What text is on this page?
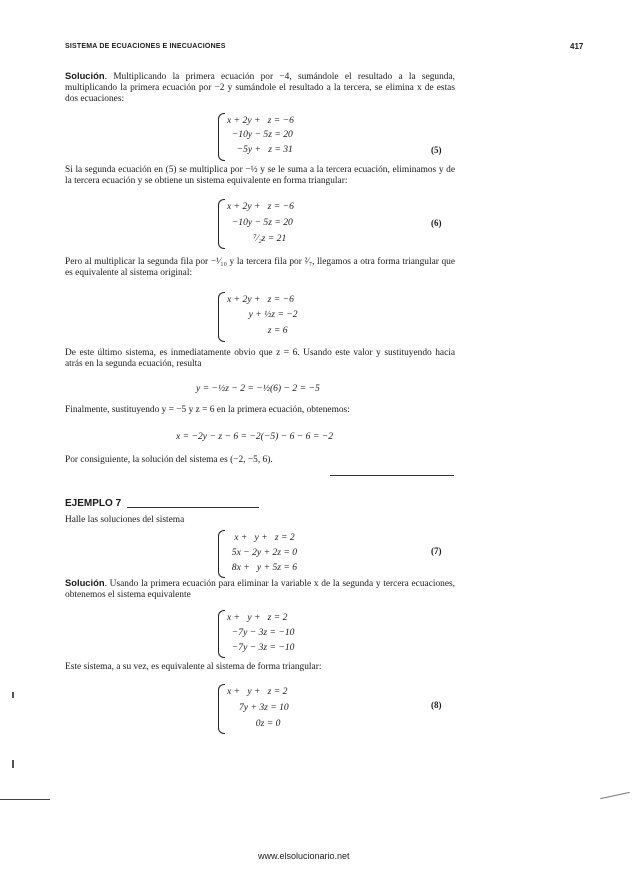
SISTEMA DE ECUACIONES E INECUACIONES	417
Solución. Multiplicando la primera ecuación por −4, sumándole el resultado a la segunda, multiplicando la primera ecuación por −2 y sumándole el resultado a la tercera, se elimina x de estas dos ecuaciones:
x + 2y +   z = −6
−10y − 5z = 20
−5y +   z = 31	(5)
Si la segunda ecuación en (5) se multiplica por −½ y se le suma a la tercera ecuación, eliminamos y de la tercera ecuación y se obtiene un sistema equivalente en forma triangular:
x + 2y +   z = −6
−10y − 5z = 20
⁷⁄₂z = 21
(6)
Pero al multiplicar la segunda fila por −¹⁄₁₀ y la tercera fila por ²⁄₇, llegamos a otra forma triangular que es equivalente al sistema original:
x + 2y +   z = −6
y + ½z = −2
z = 6
De este último sistema, es inmediatamente obvio que z = 6. Usando este valor y sustituyendo hacia atrás en la segunda ecuación, resulta
y = −½z − 2 = −½(6) − 2 = −5
Finalmente, sustituyendo y = −5 y z = 6 en la primera ecuación, obtenemos:
x = −2y − z − 6 = −2(−5) − 6 − 6 = −2
Por consiguiente, la solución del sistema es (−2, −5, 6).
EJEMPLO 7
Halle las soluciones del sistema
x +   y +   z = 2
5x − 2y + 2z = 0
8x +   y + 5z = 6
(7)
Solución. Usando la primera ecuación para eliminar la variable x de la segunda y tercera ecuaciones, obtenemos el sistema equivalente
x +   y +   z = 2
−7y − 3z = −10
−7y − 3z = −10
Este sistema, a su vez, es equivalente al sistema de forma triangular:
x +   y +   z = 2
7y + 3z = 10
0z = 0
(8)
www.elsolucionario.net
